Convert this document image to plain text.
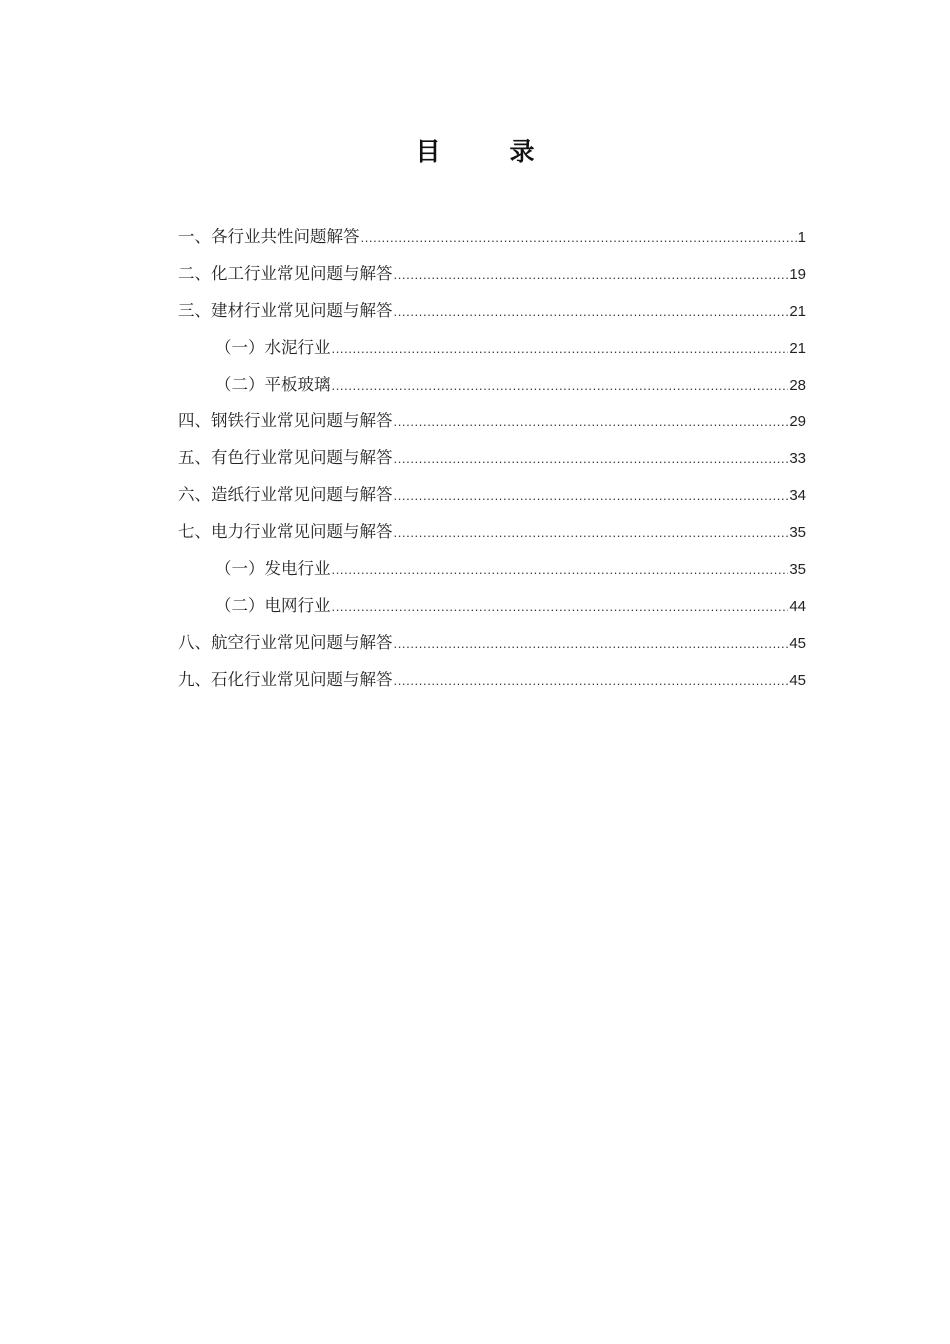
目　录
一、各行业共性问题解答 .....	1
二、化工行业常见问题与解答 .....	19
三、建材行业常见问题与解答 .....	21
（一）水泥行业 .....	21
（二）平板玻璃 .....	28
四、钢铁行业常见问题与解答 .....	29
五、有色行业常见问题与解答 .....	33
六、造纸行业常见问题与解答 .....	34
七、电力行业常见问题与解答 .....	35
（一）发电行业 .....	35
（二）电网行业 .....	44
八、航空行业常见问题与解答 .....	45
九、石化行业常见问题与解答 .....	45
